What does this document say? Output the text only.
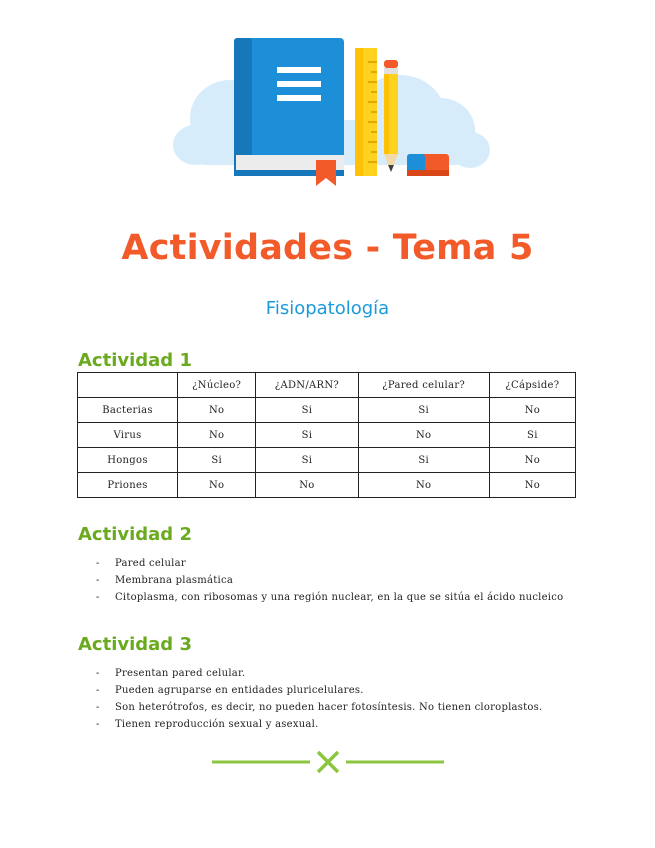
Actividades - Tema 5
Fisiopatología
Actividad 1
	¿Núcleo?	¿ADN/ARN?	¿Pared celular?	¿Cápside?
Bacterias	No	Si	Si	No
Virus	No	Si	No	Si
Hongos	Si	Si	Si	No
Priones	No	No	No	No
Actividad 2
- Pared celular
- Membrana plasmática
- Citoplasma, con ribosomas y una región nuclear, en la que se sitúa el ácido nucleico
Actividad 3
- Presentan pared celular.
- Pueden agruparse en entidades pluricelulares.
- Son heterótrofos, es decir, no pueden hacer fotosíntesis. No tienen cloroplastos.
- Tienen reproducción sexual y asexual.
